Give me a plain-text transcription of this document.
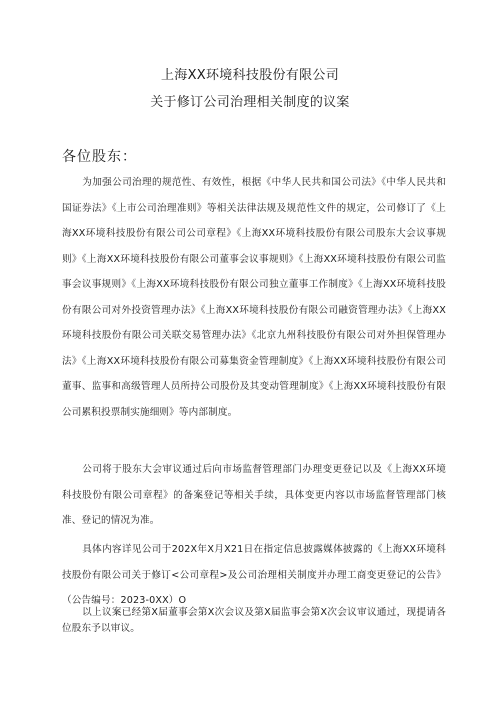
上海XX环境科技股份有限公司
关于修订公司治理相关制度的议案
各位股东：

为加强公司治理的规范性、有效性，根据《中华人民共和国公司法》《中华人民共和国证券法》《上市公司治理准则》等相关法律法规及规范性文件的规定，公司修订了《上海XX环境科技股份有限公司公司章程》《上海XX环境科技股份有限公司股东大会议事规则》《上海XX环境科技股份有限公司董事会议事规则》《上海XX环境科技股份有限公司监事会议事规则》《上海XX环境科技股份有限公司独立董事工作制度》《上海XX环境科技股份有限公司对外投资管理办法》《上海XX环境科技股份有限公司融资管理办法》《上海XX环境科技股份有限公司关联交易管理办法》《北京九州科技股份有限公司对外担保管理办法》《上海XX环境科技股份有限公司募集资金管理制度》《上海XX环境科技股份有限公司董事、监事和高级管理人员所持公司股份及其变动管理制度》《上海XX环境科技股份有限公司累积投票制实施细则》等内部制度。

公司将于股东大会审议通过后向市场监督管理部门办理变更登记以及《上海XX环境科技股份有限公司章程》的备案登记等相关手续，具体变更内容以市场监督管理部门核准、登记的情况为准。

具体内容详见公司于202X年X月X21日在指定信息披露媒体披露的《上海XX环境科技股份有限公司关于修订<公司章程>及公司治理相关制度并办理工商变更登记的公告》（公告编号：2023-0XX）O

以上议案已经第X届董事会第X次会议及第X届监事会第X次会议审议通过，现提请各位股东予以审议。
